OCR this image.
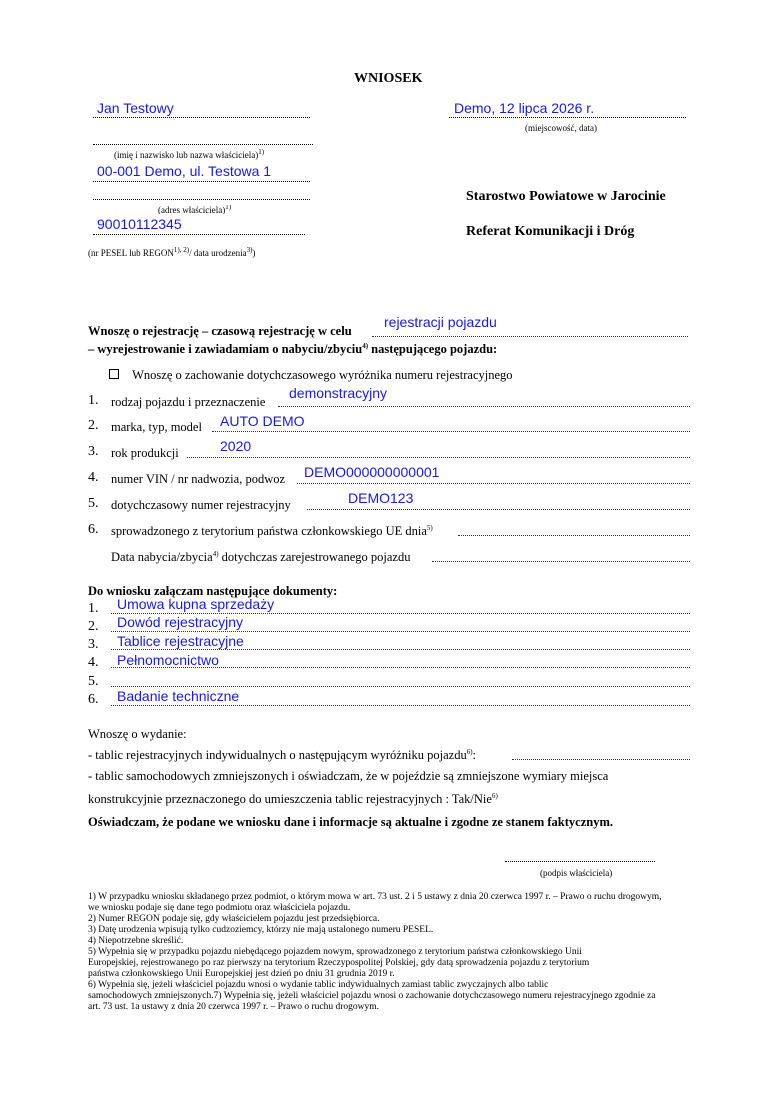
WNIOSEK
Jan Testowy
(imię i nazwisko lub nazwa właściciela)$^{1)}$
00-001 Demo, ul. Testowa 1
(adres właściciela)$^{1)}$
90010112345
(nr PESEL lub $REGON^{1), 2)}/$ data urodzenia$^{3)}$)
Demo, 12 lipca 2026 r.
(miejscowość, data)
Starostwo Powiatowe w Jarocinie
Referat Komunikacji i Dróg
Wnoszę o rejestrację – czasową rejestrację w celu
rejestracji pojazdu
– wyrejestrowanie i zawiadamiam o nabyciu/zbyciu$^{4)}$ następującego pojazdu:
Wnoszę o zachowanie dotychczasowego wyróżnika numeru rejestracyjnego
1. rodzaj pojazdu i przeznaczenie
demonstracyjny
2. marka, typ, model AUTO DEMO
3. rok produkcji	2020
4. numer VIN / nr nadwozia, podwoz DEMO000000000001
5. dotychczasowy numer rejestracyjny	DEMO123
6. sprowadzonego z terytorium państwa członkowskiego UE dnia$^{5)}$
Data nabycia/zbycia$^{4)}$ dotychczas zarejestrowanego pojazdu
Do wniosku załączam następujące dokumenty:
1. Umowa kupna sprzedaży
2. Dowód rejestracyjny
3. Tablice rejestracyjne
4. Pełnomocnictwo
5.
6. Badanie techniczne
Wnoszę o wydanie:
- tablic rejestracyjnych indywidualnych o następującym wyróżniku pojazdu$^{6)}$:
- tablic samochodowych zmniejszonych i oświadczam, że w pojeździe są zmniejszone wymiary miejsca
konstrukcyjnie przeznaczonego do umieszczenia tablic rejestracyjnych : Tak/Nie$^{6)}$
Oświadczam, że podane we wniosku dane i informacje są aktualne i zgodne ze stanem faktycznym.
(podpis właściciela)
1) W przypadku wniosku składanego przez podmiot, o którym mowa w art. 73 ust. 2 i 5 ustawy z dnia 20 czerwca 1997 r. – Prawo o ruchu drogowym,
we wniosku podaje się dane tego podmiotu oraz właściciela pojazdu.
2) Numer REGON podaje się, gdy właścicielem pojazdu jest przedsiębiorca.
3) Datę urodzenia wpisują tylko cudzoziemcy, którzy nie mają ustalonego numeru PESEL.
4) Niepotrzebne skreślić.
5) Wypełnia się w przypadku pojazdu niebędącego pojazdem nowym, sprowadzonego z terytorium państwa członkowskiego Unii
Europejskiej, rejestrowanego po raz pierwszy na terytorium Rzeczypospolitej Polskiej, gdy datą sprowadzenia pojazdu z terytorium
państwa członkowskiego Unii Europejskiej jest dzień po dniu 31 grudnia 2019 r.
6) Wypełnia się, jeżeli właściciel pojazdu wnosi o wydanie tablic indywidualnych zamiast tablic zwyczajnych albo tablic
samochodowych zmniejszonych.7) Wypełnia się, jeżeli właściciel pojazdu wnosi o zachowanie dotychczasowego numeru rejestracyjnego zgodnie za
art. 73 ust. 1a ustawy z dnia 20 czerwca 1997 r. – Prawo o ruchu drogowym.
